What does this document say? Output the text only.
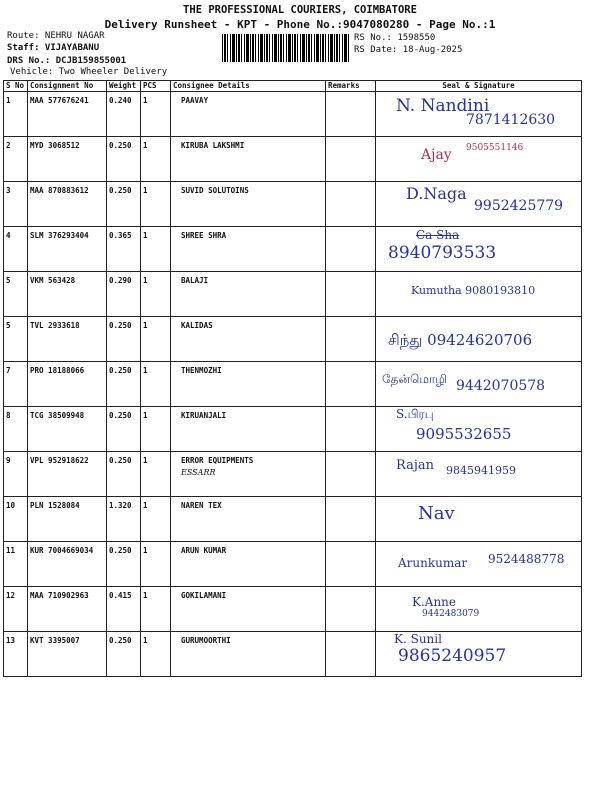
THE PROFESSIONAL COURIERS, COIMBATORE
Delivery Runsheet - KPT - Phone No.:9047080280 - Page No.:1
Route: NEHRU NAGAR
Staff: VIJAYABANU
DRS No.: DCJB159855001
Vehicle: Two Wheeler Delivery
RS No.: 1598550
RS Date: 18-Aug-2025
S No	Consignment No	Weight	PCS	Consignee Details	Remarks	Seal & Signature
1	MAA 577676241	0.240	1	PAAVAY		N. Nandini
7871412630

2	MYD 3068512	0.250	1	KIRUBA LAKSHMI		Ajay 9505551146

3	MAA 870883612	0.250	1	SUVID SOLUTOINS		D.Naga
9952425779

4	SLM 376293404	0.365	1	SHREE SHRA		Ca Sha
8940793533

5	VKM 563428	0.290	1	BALAJI		Kumutha 9080193810

5	TVL 2933618	0.250	1	KALIDAS		சிந்து 09424620706

7	PRO 18188066	0.250	1	THENMOZHI		தேன்மொழி 9442070578

8	TCG 38509948	0.250	1	KIRUANJALI		S.பிரபு
9095532655

9	VPL 952918622	0.250	1	ERROR EQUIPMENTS
ESSARR		Rajan 9845941959

10	PLN 1528084	1.320	1	NAREN TEX		Nav

11	KUR 7004669034	0.250	1	ARUN KUMAR		Arunkumar 9524488778

12	MAA 710902963	0.415	1	GOKILAMANI		K.Anne
9442483079

13	KVT 3395007	0.250	1	GURUMOORTHI		K. Sunil
9865240957
